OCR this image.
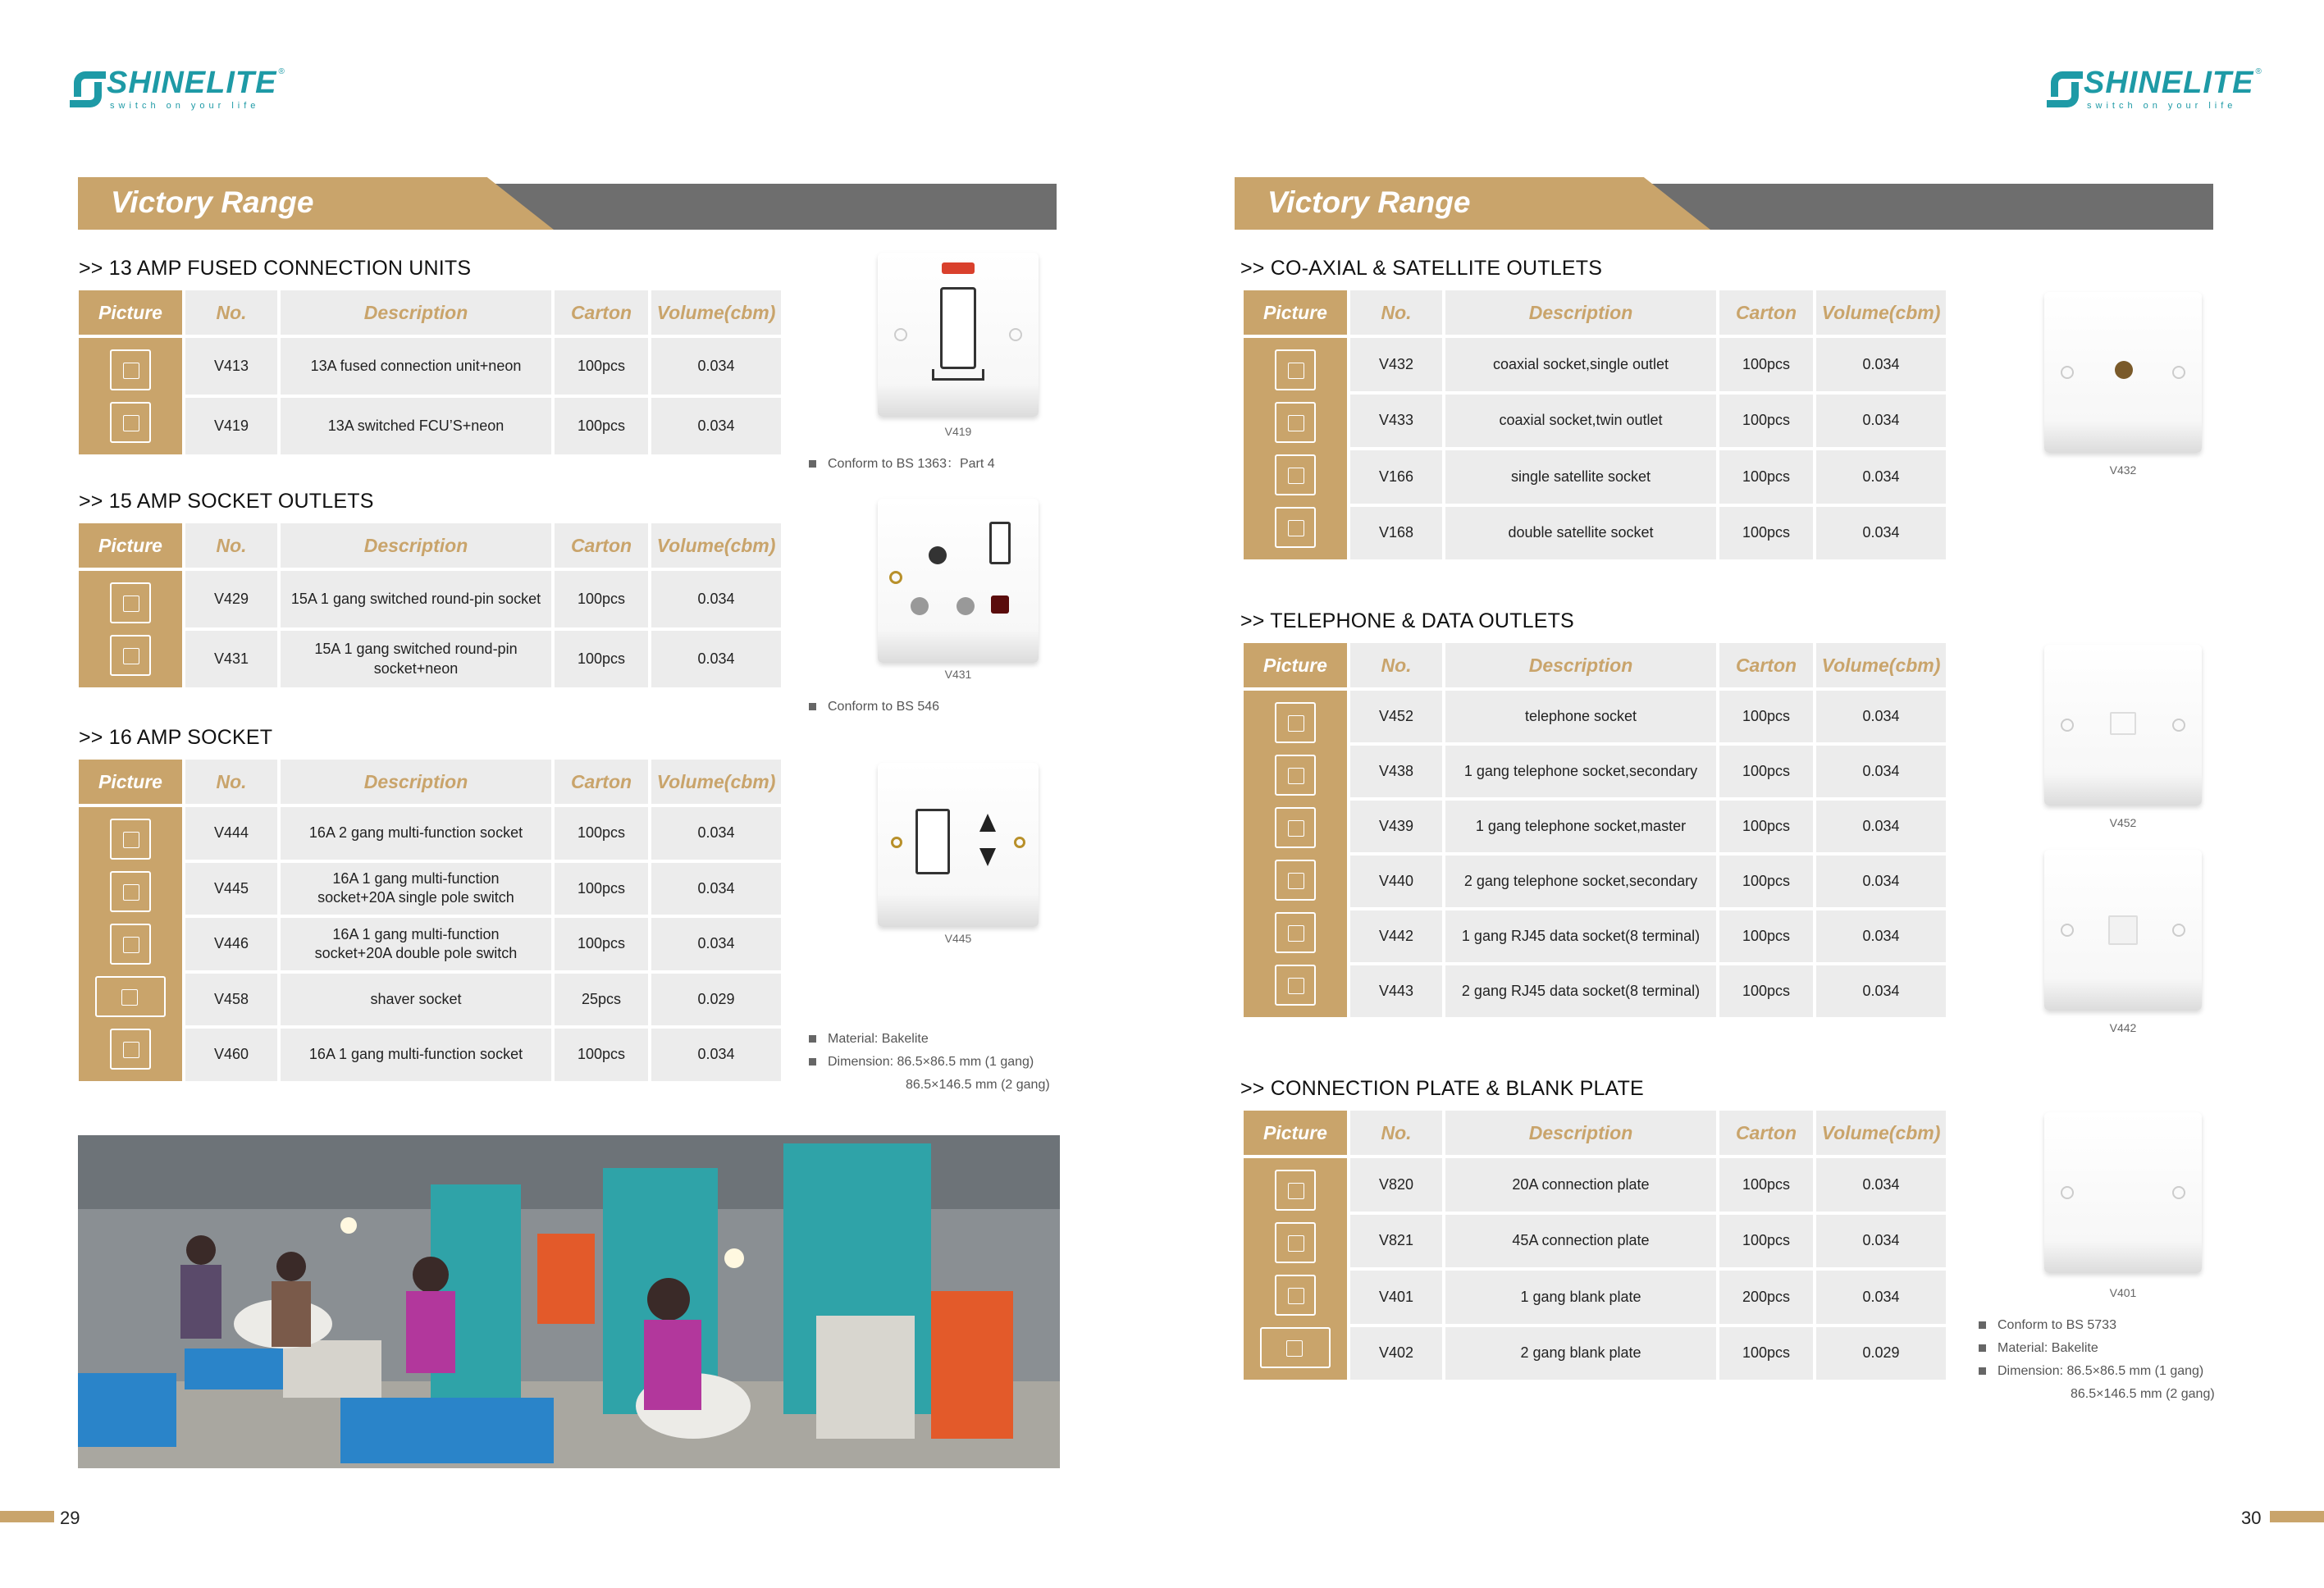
SHINELITE
switch on your life
®	SHINELITE
switch on your life
®
Victory Range	Victory Range
>> 13 AMP FUSED CONNECTION UNITS
>> 15 AMP SOCKET OUTLETS
>> 16 AMP SOCKET
Picture	No.	Description	Carton	Volume(cbm)

	V413	13A fused connection unit+neon	100pcs	0.034
	V419	13A switched FCU’S+neon	100pcs	0.034
Picture	No.	Description	Carton	Volume(cbm)

	V429	15A 1 gang switched round-pin socket	100pcs	0.034
	V431	15A 1 gang switched round-pin socket+neon	100pcs	0.034
Picture	No.	Description	Carton	Volume(cbm)

	V444	16A 2 gang multi-function socket	100pcs	0.034
	V445	16A 1 gang multi-function socket+20A single pole switch	100pcs	0.034
	V446	16A 1 gang multi-function socket+20A double pole switch	100pcs	0.034
	V458	shaver socket	25pcs	0.029
	V460	16A 1 gang multi-function socket	100pcs	0.034
V419
Conform to BS 1363：Part 4
V431
Conform to BS 546
V445
Material: Bakelite
Dimension: 86.5×86.5 mm (1 gang)
86.5×146.5 mm (2 gang)
29
>> CO-AXIAL & SATELLITE OUTLETS
>> TELEPHONE & DATA OUTLETS
>> CONNECTION PLATE & BLANK PLATE
Picture	No.	Description	Carton	Volume(cbm)

	V432	coaxial socket,single outlet	100pcs	0.034
	V433	coaxial socket,twin outlet	100pcs	0.034
	V166	single satellite socket	100pcs	0.034
	V168	double satellite socket	100pcs	0.034
Picture	No.	Description	Carton	Volume(cbm)

	V452	telephone socket	100pcs	0.034
	V438	1 gang telephone socket,secondary	100pcs	0.034
	V439	1 gang telephone socket,master	100pcs	0.034
	V440	2 gang telephone socket,secondary	100pcs	0.034
	V442	1 gang RJ45 data socket(8 terminal)	100pcs	0.034
	V443	2 gang RJ45 data socket(8 terminal)	100pcs	0.034
Picture	No.	Description	Carton	Volume(cbm)

	V820	20A connection plate	100pcs	0.034
	V821	45A connection plate	100pcs	0.034
	V401	1 gang blank plate	200pcs	0.034
	V402	2 gang blank plate	100pcs	0.029
V432
V452
V442
V401
Conform to BS 5733
Material: Bakelite
Dimension: 86.5×86.5 mm (1 gang)
86.5×146.5 mm (2 gang)
30
